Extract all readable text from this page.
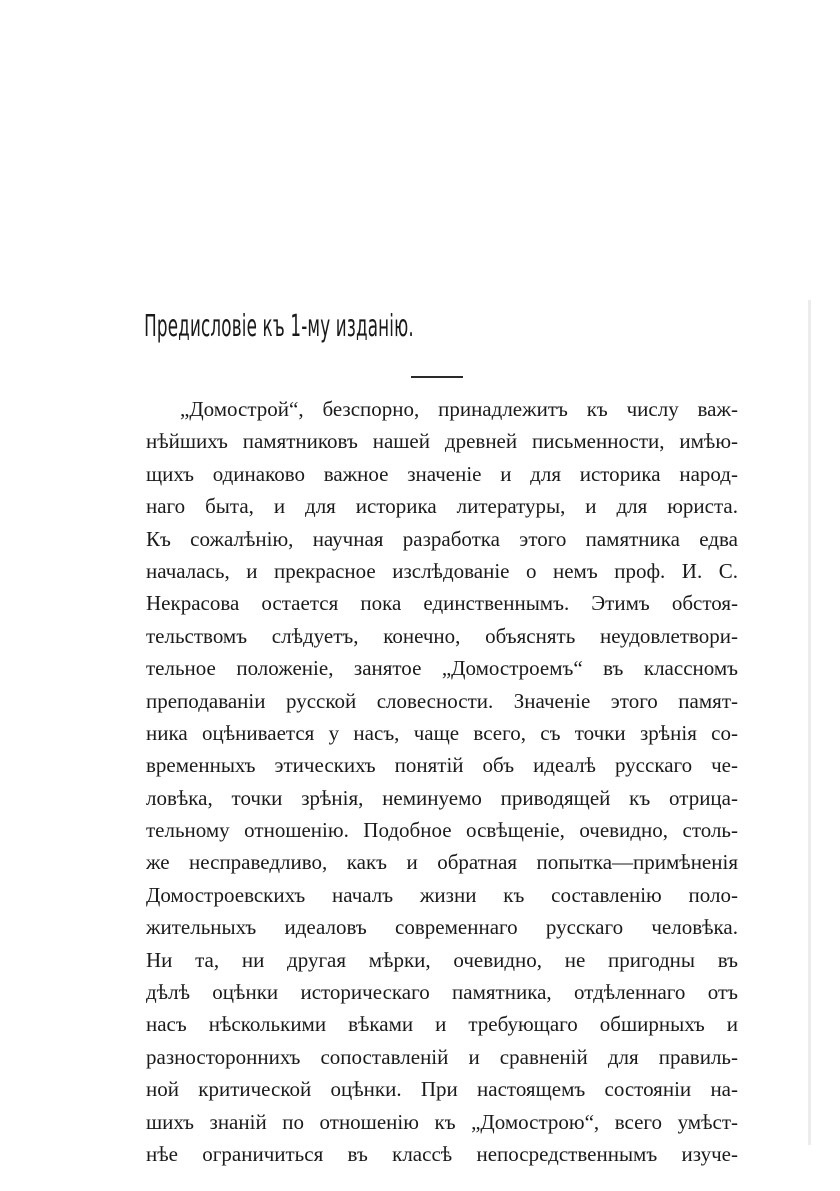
Предисловіе къ 1-му изданію.
„Домострой“, безспорно, принадлежитъ къ числу важ-
нѣйшихъ памятниковъ нашей древней письменности, имѣю-
щихъ одинаково важное значеніе и для историка народ-
наго быта, и для историка литературы, и для юриста.
Къ сожалѣнію, научная разработка этого памятника едва
началась, и прекрасное изслѣдованіе о немъ проф. И. С.
Некрасова остается пока единственнымъ. Этимъ обстоя-
тельствомъ слѣдуетъ, конечно, объяснять неудовлетвори-
тельное положеніе, занятое „Домостроемъ“ въ классномъ
преподаваніи русской словесности. Значеніе этого памят-
ника оцѣнивается у насъ, чаще всего, съ точки зрѣнія со-
временныхъ этическихъ понятій объ идеалѣ русскаго че-
ловѣка, точки зрѣнія, неминуемо приводящей къ отрица-
тельному отношенію. Подобное освѣщеніе, очевидно, столь-
же несправедливо, какъ и обратная попытка—примѣненія
Домостроевскихъ началъ жизни къ составленію поло-
жительныхъ идеаловъ современнаго русскаго человѣка.
Ни та, ни другая мѣрки, очевидно, не пригодны въ
дѣлѣ оцѣнки историческаго памятника, отдѣленнаго отъ
насъ нѣсколькими вѣками и требующаго обширныхъ и
разностороннихъ сопоставленій и сравненій для правиль-
ной критической оцѣнки. При настоящемъ состояніи на-
шихъ знаній по отношенію къ „Домострою“, всего умѣст-
нѣе ограничиться въ классѣ непосредственнымъ изуче-
